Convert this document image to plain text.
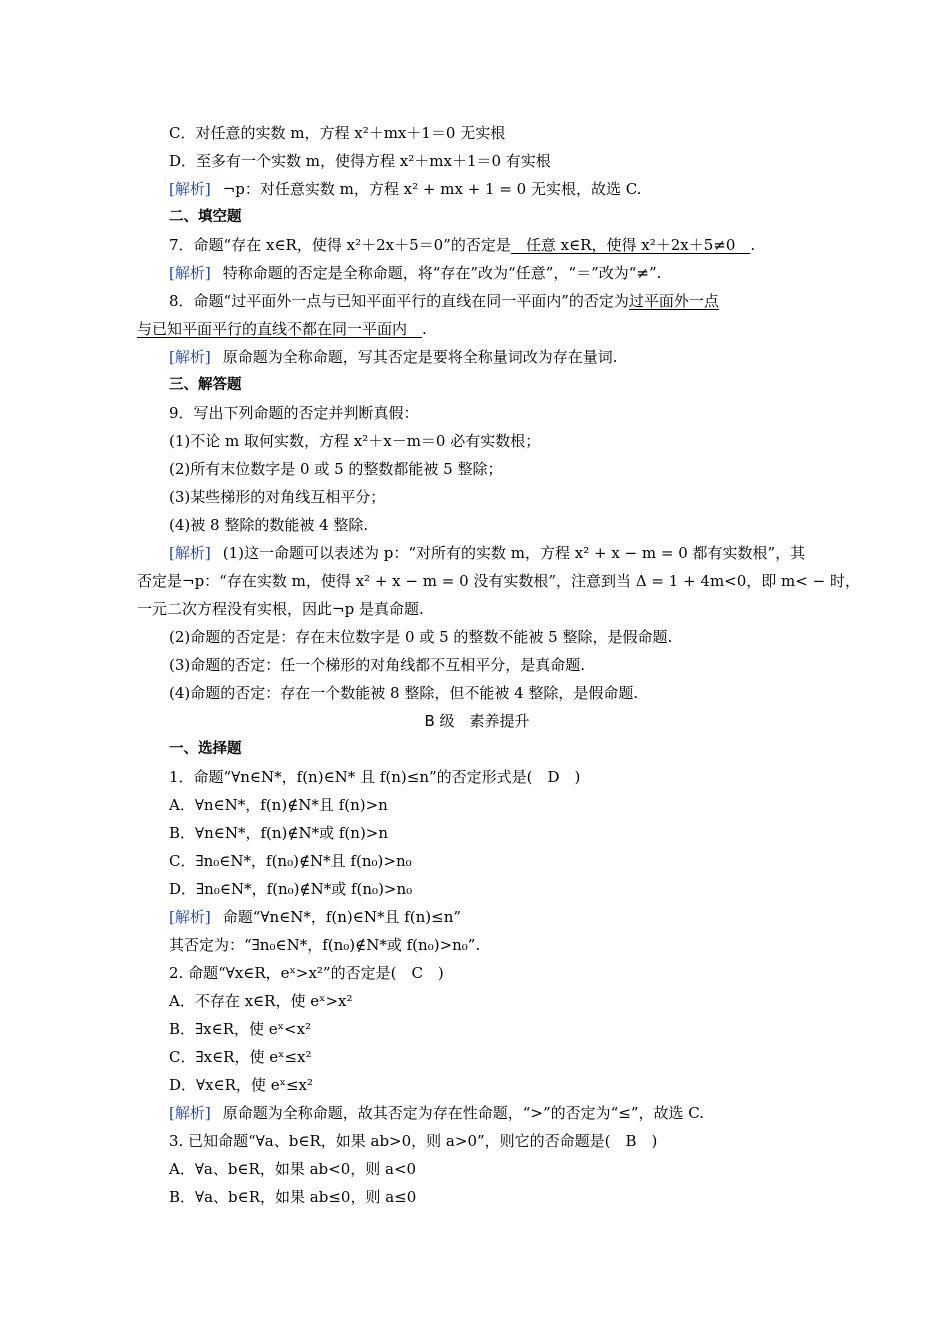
C．对任意的实数 m，方程 x²＋mx＋1＝0 无实根
D．至多有一个实数 m，使得方程 x²＋mx＋1＝0 有实根
[解析] ¬p：对任意实数 m，方程 x² + mx + 1 = 0 无实根，故选 C.
二、填空题
7．命题“存在 x∈R，使得 x²＋2x＋5＝0”的否定是　任意 x∈R，使得 x²＋2x＋5≠0　.
[解析] 特称命题的否定是全称命题，将“存在”改为“任意”，“＝”改为“≠”.
8．命题“过平面外一点与已知平面平行的直线在同一平面内”的否定为过平面外一点
与已知平面平行的直线不都在同一平面内　.
[解析] 原命题为全称命题，写其否定是要将全称量词改为存在量词.
三、解答题
9．写出下列命题的否定并判断真假：
(1)不论 m 取何实数，方程 x²＋x－m＝0 必有实数根；
(2)所有末位数字是 0 或 5 的整数都能被 5 整除；
(3)某些梯形的对角线互相平分；
(4)被 8 整除的数能被 4 整除.
[解析] (1)这一命题可以表述为 p：“对所有的实数 m，方程 x² + x − m = 0 都有实数根”，其
否定是¬p：“存在实数 m，使得 x² + x − m = 0 没有实数根”，注意到当 Δ = 1 + 4m<0，即 m< − 时，
一元二次方程没有实根，因此¬p 是真命题.
(2)命题的否定是：存在末位数字是 0 或 5 的整数不能被 5 整除，是假命题.
(3)命题的否定：任一个梯形的对角线都不互相平分，是真命题.
(4)命题的否定：存在一个数能被 8 整除，但不能被 4 整除，是假命题.
B 级　素养提升
一、选择题
1．命题“∀n∈N*，f(n)∈N* 且 f(n)≤n”的否定形式是(　D　)
A．∀n∈N*，f(n)∉N*且 f(n)>n
B．∀n∈N*，f(n)∉N*或 f(n)>n
C．∃n₀∈N*，f(n₀)∉N*且 f(n₀)>n₀
D．∃n₀∈N*，f(n₀)∉N*或 f(n₀)>n₀
[解析] 命题“∀n∈N*，f(n)∈N*且 f(n)≤n”
其否定为：“∃n₀∈N*，f(n₀)∉N*或 f(n₀)>n₀”.
2. 命题“∀x∈R，eˣ>x²”的否定是(　C　)
A．不存在 x∈R，使 eˣ>x²
B．∃x∈R，使 eˣ<x²
C．∃x∈R，使 eˣ≤x²
D．∀x∈R，使 eˣ≤x²
[解析] 原命题为全称命题，故其否定为存在性命题，“>”的否定为“≤”，故选 C.
3. 已知命题“∀a、b∈R，如果 ab>0，则 a>0”，则它的否命题是(　B　)
A．∀a、b∈R，如果 ab<0，则 a<0
B．∀a、b∈R，如果 ab≤0，则 a≤0
